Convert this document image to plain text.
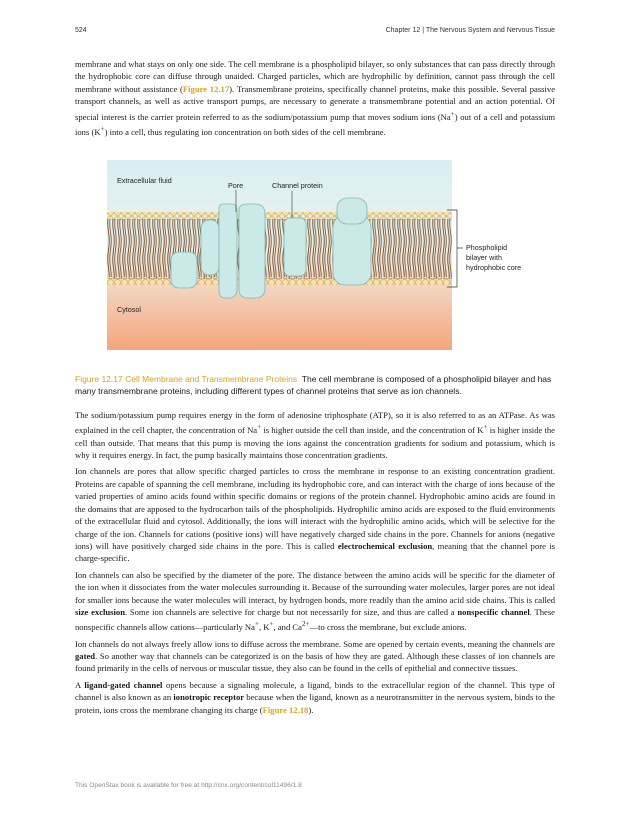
524	Chapter 12 | The Nervous System and Nervous Tissue

membrane and what stays on only one side. The cell membrane is a phospholipid bilayer, so only substances that can pass directly through the hydrophobic core can diffuse through unaided. Charged particles, which are hydrophilic by definition, cannot pass through the cell membrane without assistance (Figure 12.17). Transmembrane proteins, specifically channel proteins, make this possible. Several passive transport channels, as well as active transport pumps, are necessary to generate a transmembrane potential and an action potential. Of special interest is the carrier protein referred to as the sodium/potassium pump that moves sodium ions (Na+) out of a cell and potassium ions (K+) into a cell, thus regulating ion concentration on both sides of the cell membrane.

Extracellular fluid
Pore	Channel protein
Phospholipid
bilayer with
hydrophobic core
Cytosol
Figure 12.17 Cell Membrane and Transmembrane Proteins The cell membrane is composed of a phospholipid bilayer and has many transmembrane proteins, including different types of channel proteins that serve as ion channels.

The sodium/potassium pump requires energy in the form of adenosine triphosphate (ATP), so it is also referred to as an ATPase. As was explained in the cell chapter, the concentration of Na+ is higher outside the cell than inside, and the concentration of K+ is higher inside the cell than outside. That means that this pump is moving the ions against the concentration gradients for sodium and potassium, which is why it requires energy. In fact, the pump basically maintains those concentration gradients.

Ion channels are pores that allow specific charged particles to cross the membrane in response to an existing concentration gradient. Proteins are capable of spanning the cell membrane, including its hydrophobic core, and can interact with the charge of ions because of the varied properties of amino acids found within specific domains or regions of the protein channel. Hydrophobic amino acids are found in the domains that are apposed to the hydrocarbon tails of the phospholipids. Hydrophilic amino acids are exposed to the fluid environments of the extracellular fluid and cytosol. Additionally, the ions will interact with the hydrophilic amino acids, which will be selective for the charge of the ion. Channels for cations (positive ions) will have negatively charged side chains in the pore. Channels for anions (negative ions) will have positively charged side chains in the pore. This is called electrochemical exclusion, meaning that the channel pore is charge-specific.

Ion channels can also be specified by the diameter of the pore. The distance between the amino acids will be specific for the diameter of the ion when it dissociates from the water molecules surrounding it. Because of the surrounding water molecules, larger pores are not ideal for smaller ions because the water molecules will interact, by hydrogen bonds, more readily than the amino acid side chains. This is called size exclusion. Some ion channels are selective for charge but not necessarily for size, and thus are called a nonspecific channel. These nonspecific channels allow cations—particularly Na+, K+, and $Ca^{2+}—to$ cross the membrane, but exclude anions.

Ion channels do not always freely allow ions to diffuse across the membrane. Some are opened by certain events, meaning the channels are gated. So another way that channels can be categorized is on the basis of how they are gated. Although these classes of ion channels are found primarily in the cells of nervous or muscular tissue, they also can be found in the cells of epithelial and connective tissues.

A ligand-gated channel opens because a signaling molecule, a ligand, binds to the extracellular region of the channel. This type of channel is also known as an ionotropic receptor because when the ligand, known as a neurotransmitter in the nervous system, binds to the protein, ions cross the membrane changing its charge (Figure 12.18).

This OpenStax book is available for free at http://cnx.org/content/col11496/1.8
